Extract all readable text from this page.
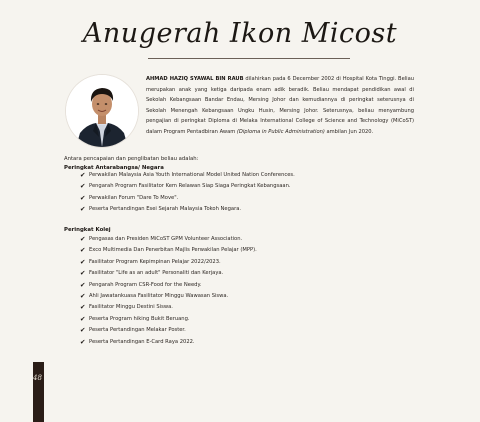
Anugerah Ikon Micost
AHMAD HAZIQ SYAWAL BIN RAUB dilahirkan pada 6 December 2002 di Hospital Kota Tinggi. Beliau merupakan anak yang ketiga daripada enam adik beradik. Beliau mendapat pendidikan awal di Sekolah Kebangsaan Bandar Endau, Mersing Johor dan kemudiannya di peringkat seterusnya di Sekolah Menengah Kebangsaan Ungku Husin, Mersing Johor. Seterusnya, beliau menyambung pengajian di peringkat Diploma di Melaka International College of Science and Technology (MiCoST) dalam Program Pentadbiran Awam (Diploma in Public Administration) ambilan Jun 2020.
Antara pencapaian dan penglibatan beliau adalah:
Peringkat Antarabangsa/ Negara
✔ Perwakilan Malaysia Asia Youth International Model United Nation Conferences.
✔ Pengarah Program Fasilitator Kem Relawan Siap Siaga Peringkat Kebangsaan.
✔ Perwakilan Forum "Dare To Move".
✔ Peserta Pertandingan Esei Sejarah Malaysia Tokoh Negara.
Peringkat Kolej
✔ Pengasas dan Presiden MiCoST GPM Volunteer Association.
✔ Exco Multimedia Dan Penerbitan Majlis Perwakilan Pelajar (MPP).
✔ Fasilitator Program Kepimpinan Pelajar 2022/2023.
✔ Fasilitator "Life as an adult" Personaliti dan Kerjaya.
✔ Pengarah Program CSR-Food for the Needy.
✔ Ahli Jawatankuasa Fasilitator Minggu Wawasan Siswa.
✔ Fasilitator Minggu Destini Siswa.
✔ Peserta Program hiking Bukit Beruang.
✔ Peserta Pertandingan Melakar Poster.
✔ Peserta Pertandingan E-Card Raya 2022.
48
